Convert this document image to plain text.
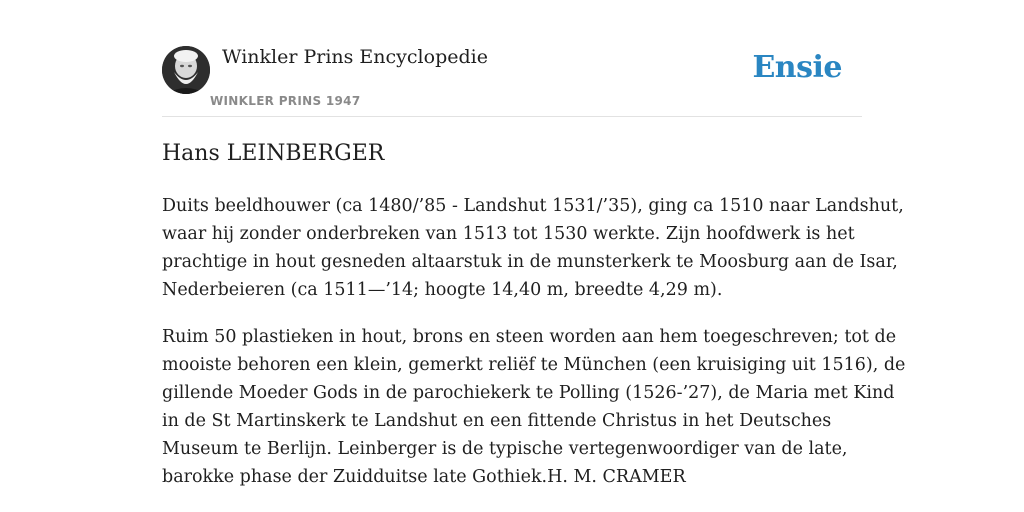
Winkler Prins Encyclopedie
WINKLER PRINS 1947
Ensie
Hans LEINBERGER

Duits beeldhouwer (ca 1480/’85 - Landshut 1531/’35), ging ca 1510 naar Landshut,
waar hij zonder onderbreken van 1513 tot 1530 werkte. Zijn hoofdwerk is het
prachtige in hout gesneden altaarstuk in de munsterkerk te Moosburg aan de Isar,
Nederbeieren (ca 1511—’14; hoogte 14,40 m, breedte 4,29 m).

Ruim 50 plastieken in hout, brons en steen worden aan hem toegeschreven; tot de
mooiste behoren een klein, gemerkt reliëf te München (een kruisiging uit 1516), de
gillende Moeder Gods in de parochiekerk te Polling (1526-’27), de Maria met Kind
in de St Martinskerk te Landshut en een fittende Christus in het Deutsches
Museum te Berlijn. Leinberger is de typische vertegenwoordiger van de late,
barokke phase der Zuidduitse late Gothiek.H. M. CRAMER
